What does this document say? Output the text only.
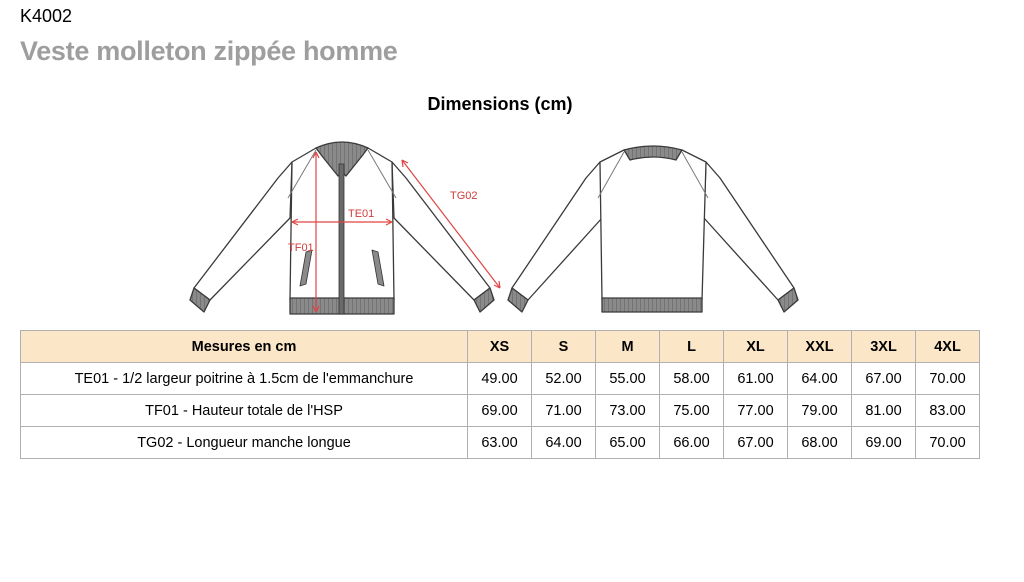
K4002
Veste molleton zippée homme
Dimensions (cm)
TE01
TF01
TG02
Mesures en cm	XS	S	M	L	XL	XXL	3XL	4XL
TE01 - 1/2 largeur poitrine à 1.5cm de l'emmanchure	49.00	52.00	55.00	58.00	61.00	64.00	67.00	70.00
TF01 - Hauteur totale de l'HSP	69.00	71.00	73.00	75.00	77.00	79.00	81.00	83.00
TG02 - Longueur manche longue	63.00	64.00	65.00	66.00	67.00	68.00	69.00	70.00
